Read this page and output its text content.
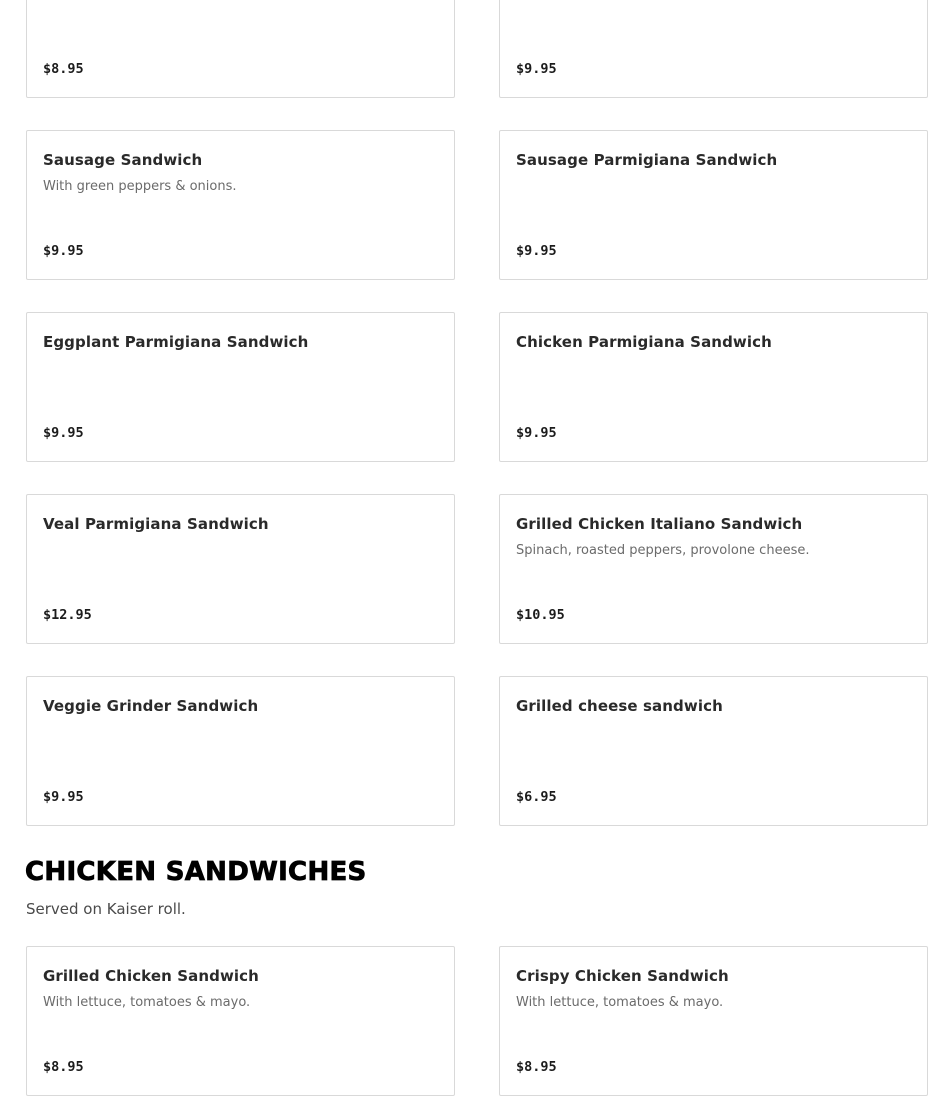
$8.95	$9.95
Sausage Sandwich
With green peppers & onions.
$9.95
Sausage Parmigiana Sandwich
$9.95
Eggplant Parmigiana Sandwich
$9.95
Chicken Parmigiana Sandwich
$9.95
Veal Parmigiana Sandwich
$12.95
Grilled Chicken Italiano Sandwich
Spinach, roasted peppers, provolone cheese.
$10.95
Veggie Grinder Sandwich
$9.95
Grilled cheese sandwich
$6.95
CHICKEN SANDWICHES
Served on Kaiser roll.
Grilled Chicken Sandwich
With lettuce, tomatoes & mayo.
$8.95
Crispy Chicken Sandwich
With lettuce, tomatoes & mayo.
$8.95
